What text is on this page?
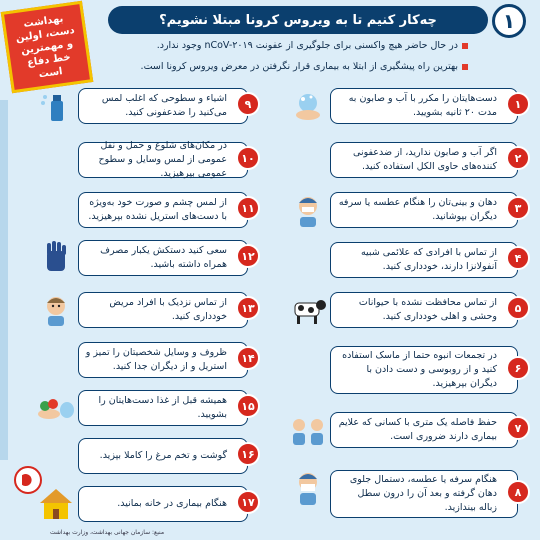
بهداشت دست، اولین و مهمترین خط دفاع است
چه‌کار کنیم تا به ویروس کرونا مبتلا نشویم؟	۱
در حال حاضر هیچ واکسنی برای جلوگیری از عفونت nCoV-۲۰۱۹ وجود ندارد.
بهترین راه پیشگیری از ابتلا به بیماری قرار نگرفتن در معرض ویروس کرونا است.
دست‌هایتان را مکرر با آب و صابون به مدت ۲۰ ثانیه بشویید.
۱
اگر آب و صابون ندارید، از ضدعفونی کننده‌های حاوی الکل استفاده کنید.
۲
دهان و بینی‌تان را هنگام عطسه یا سرفه دیگران بپوشانید.
۳
از تماس با افرادی که علائمی شبیه آنفولانزا دارند، خودداری کنید.
۴
از تماس محافظت نشده با حیوانات وحشی و اهلی خودداری کنید.
۵
در تجمعات انبوه حتما از ماسک استفاده کنید و از روبوسی و دست دادن با دیگران بپرهیزید.
۶
حفظ فاصله یک متری با کسانی که علایم بیماری دارند ضروری است.
۷
هنگام سرفه یا عطسه، دستمال جلوی دهان گرفته و بعد آن را درون سطل زباله بیندازید.
۸
اشیاء و سطوحی که اغلب لمس می‌کنید را ضدعفونی کنید.
۹
در مکان‌های شلوغ و حمل و نقل عمومی از لمس وسایل و سطوح عمومی بپرهیزید.
۱۰
از لمس چشم و صورت خود به‌ویژه با دست‌های استریل نشده بپرهیزید.
۱۱
سعی کنید دستکش یکبار مصرف همراه داشته باشید.
۱۲
از تماس نزدیک با افراد مریض خودداری کنید.
۱۳
ظروف و وسایل شخصیتان را تمیز و استریل و از دیگران جدا کنید.
۱۴
همیشه قبل از غذا دست‌هایتان را بشویید.
۱۵
گوشت و تخم مرغ را کاملا بپزید.	۱۶
هنگام بیماری در خانه بمانید.	۱۷
منبع: سازمان جهانی بهداشت، وزارت بهداشت
